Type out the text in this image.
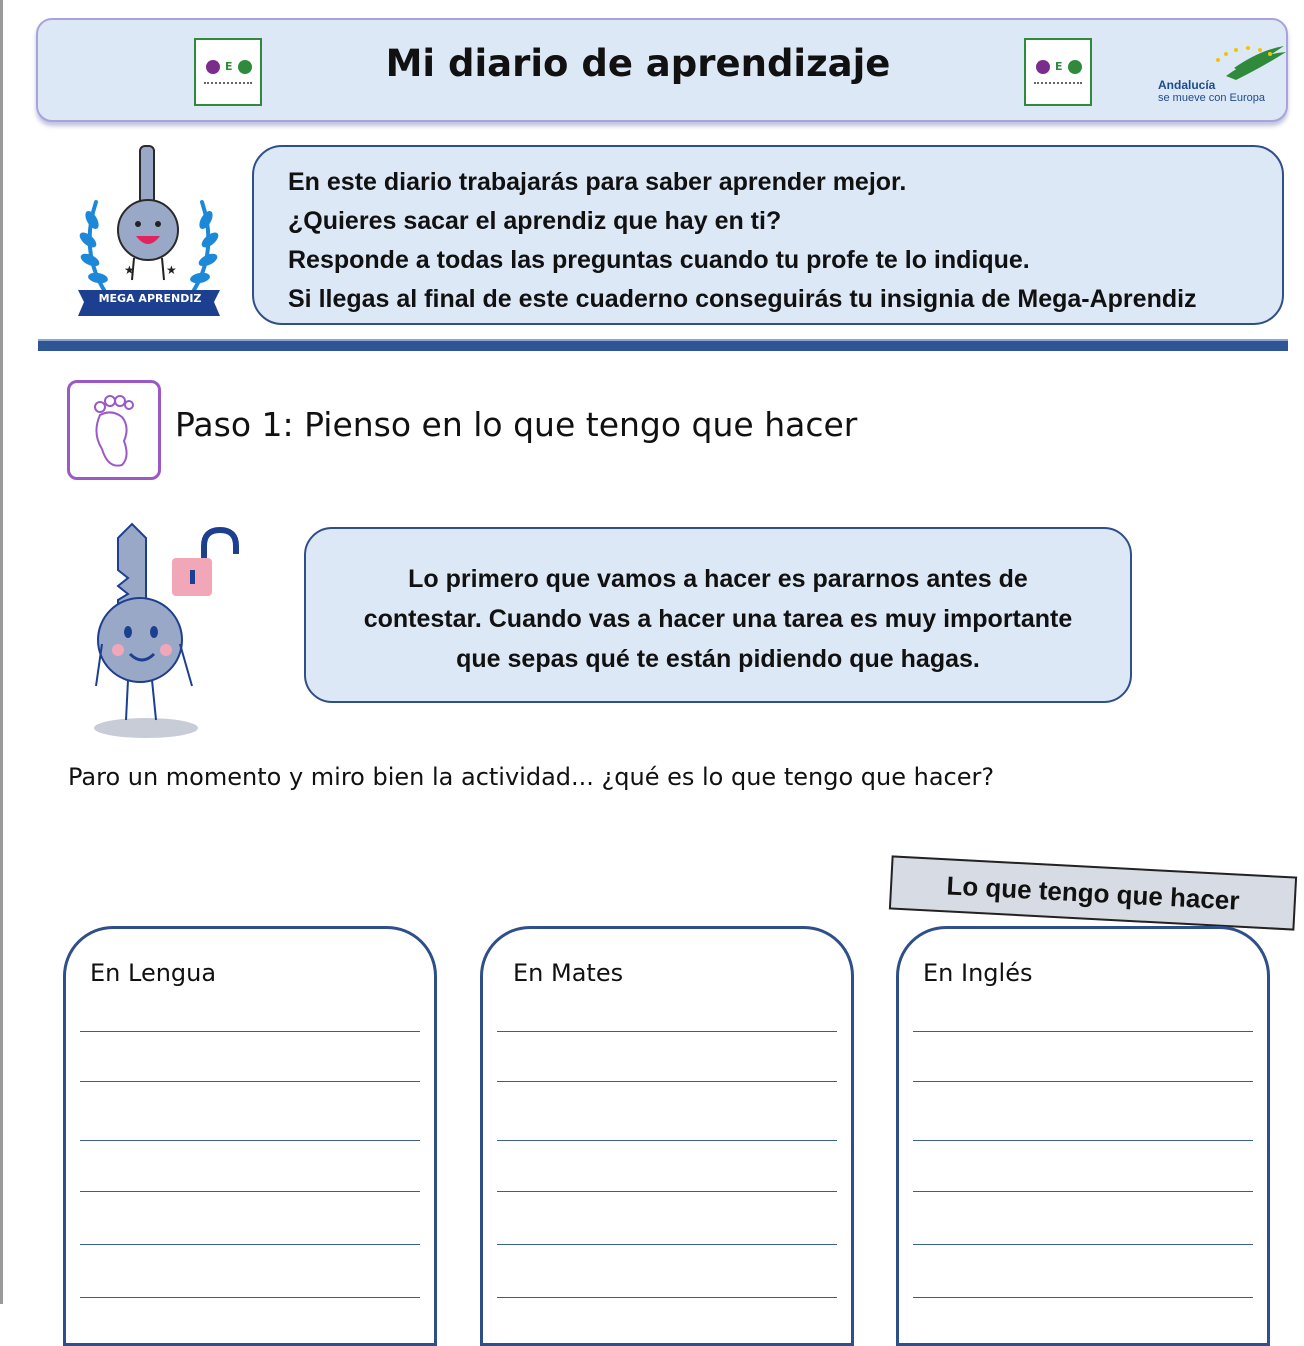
E	Mi diario de aprendizaje	E
Andalucía
se mueve con Europa
★	★
MEGA APRENDIZ

En este diario trabajarás para saber aprender mejor.

¿Quieres sacar el aprendiz que hay en ti?

Responde a todas las preguntas cuando tu profe te lo indique.

Si llegas al final de este cuaderno conseguirás tu insignia de Mega-Aprendiz

Paso 1: Pienso en lo que tengo que hacer

Lo primero que vamos a hacer es pararnos antes de

contestar. Cuando vas a hacer una tarea es muy importante

que sepas qué te están pidiendo que hagas.

Paro un momento y miro bien la actividad... ¿qué es lo que tengo que hacer?
Lo que tengo que hacer
En Lengua	En Mates	En Inglés
